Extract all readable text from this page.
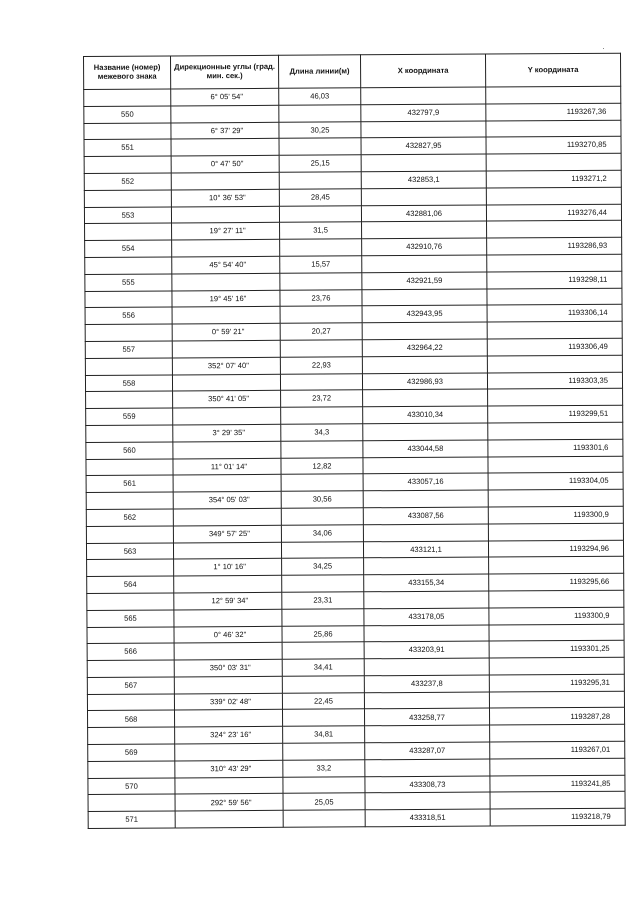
Название (номер) межевого знака	Дирекционные углы (град. мин. сек.)	Длина линии(м)	X координата	Y координата
	6° 05' 54"	46,03		
550			432797,9	1193267,36
	6° 37' 29"	30,25		
551			432827,95	1193270,85
	0° 47' 50"	25,15		
552			432853,1	1193271,2
	10° 36' 53"	28,45		
553			432881,06	1193276,44
	19° 27' 11"	31,5		
554			432910,76	1193286,93
	45° 54' 40"	15,57		
555			432921,59	1193298,11
	19° 45' 16"	23,76		
556			432943,95	1193306,14
	0° 59' 21"	20,27		
557			432964,22	1193306,49
	352° 07' 40"	22,93		
558			432986,93	1193303,35
	350° 41' 05"	23,72		
559			433010,34	1193299,51
	3° 29' 35"	34,3		
560			433044,58	1193301,6
	11° 01' 14"	12,82		
561			433057,16	1193304,05
	354° 05' 03"	30,56		
562			433087,56	1193300,9
	349° 57' 25"	34,06		
563			433121,1	1193294,96
	1° 10' 16"	34,25		
564			433155,34	1193295,66
	12° 59' 34"	23,31		
565			433178,05	1193300,9
	0° 46' 32"	25,86		
566			433203,91	1193301,25
	350° 03' 31"	34,41		
567			433237,8	1193295,31
	339° 02' 48"	22,45		
568			433258,77	1193287,28
	324° 23' 16"	34,81		
569			433287,07	1193267,01
	310° 43' 29"	33,2		
570			433308,73	1193241,85
	292° 59' 56"	25,05		
571			433318,51	1193218,79
